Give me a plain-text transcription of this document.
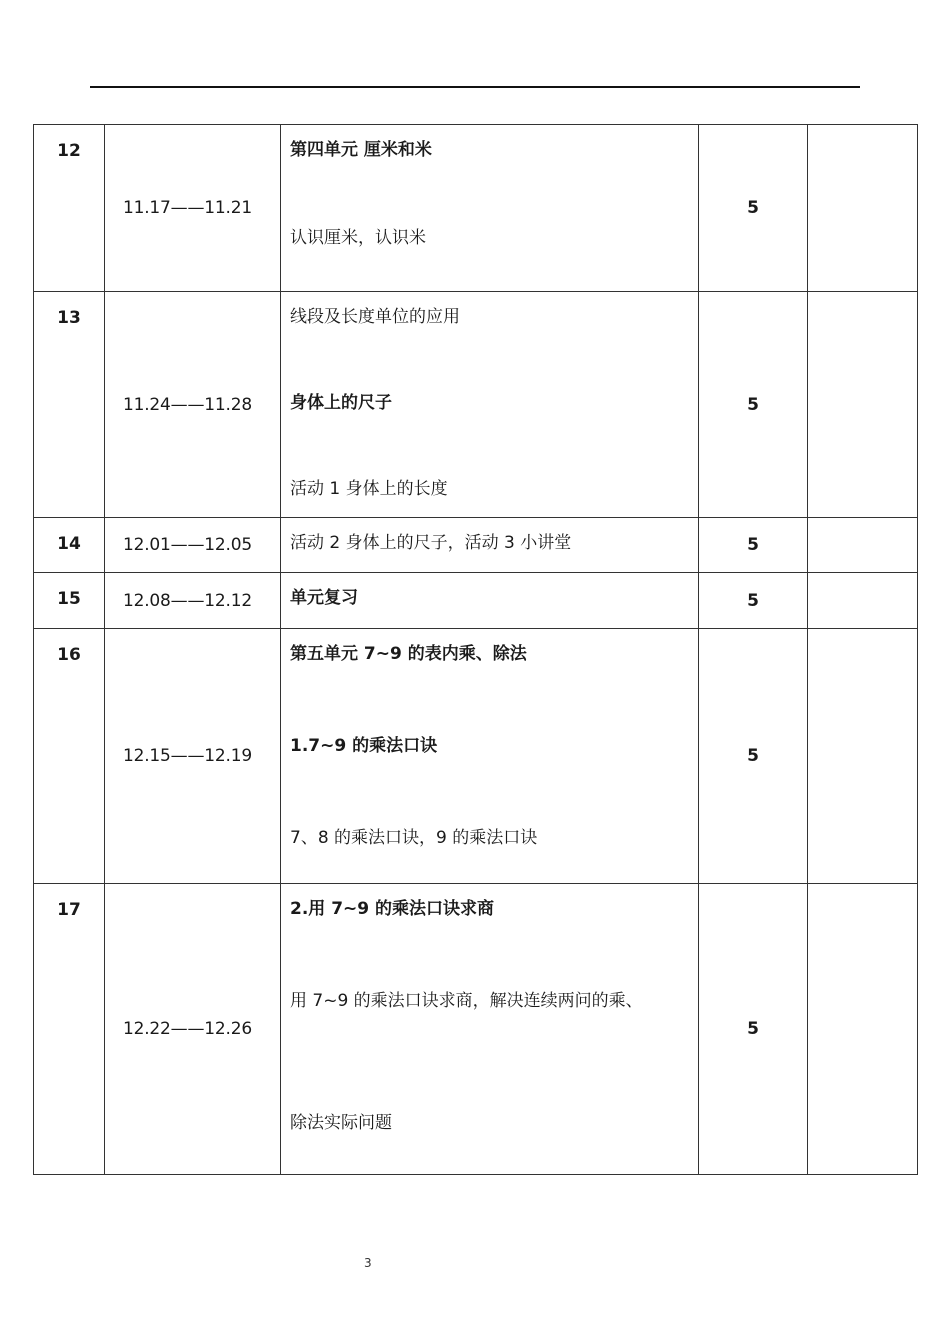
12	11.17——11.21	第四单元 厘米和米
认识厘米，认识米	5	
13	11.24——11.28	线段及长度单位的应用
身体上的尺子
活动 1 身体上的长度	5	
14	12.01——12.05	活动 2 身体上的尺子，活动 3 小讲堂	5	
15	12.08——12.12	单元复习	5	
16	12.15——12.19	第五单元 7~9 的表内乘、除法
1.7~9 的乘法口诀
7、8 的乘法口诀，9 的乘法口诀	5	
17	12.22——12.26	2.用 7~9 的乘法口诀求商
用 7~9 的乘法口诀求商，解决连续两问的乘、
除法实际问题	5	
3
